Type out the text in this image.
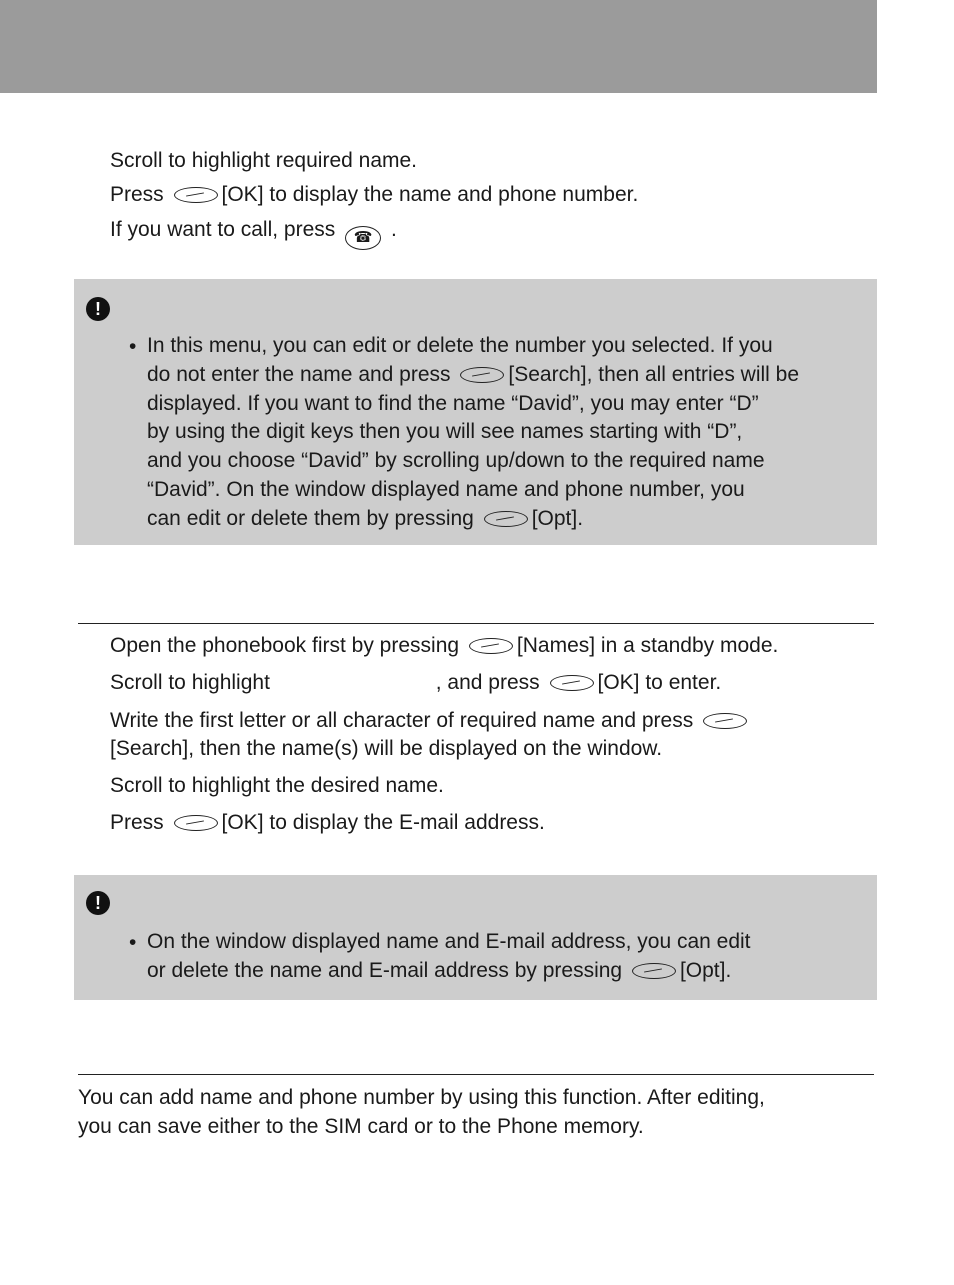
Scroll to highlight required name.
Press [OK] to display the name and phone number.
If you want to call, press ☎ .
!
• In this menu, you can edit or delete the number you selected. If you
do not enter the name and press [Search], then all entries will be
displayed. If you want to find the name “David”, you may enter “D”
by using the digit keys then you will see names starting with “D”,
and you choose “David” by scrolling up/down to the required name
“David”. On the window displayed name and phone number, you
can edit or delete them by pressing [Opt].
Open the phonebook first by pressing [Names] in a standby mode.
Scroll to highlight	, and press [OK] to enter.
Write the first letter or all character of required name and press
[Search], then the name(s) will be displayed on the window.
Scroll to highlight the desired name.
Press [OK] to display the E-mail address.
!
• On the window displayed name and E-mail address, you can edit
or delete the name and E-mail address by pressing [Opt].
You can add name and phone number by using this function. After editing,
you can save either to the SIM card or to the Phone memory.
